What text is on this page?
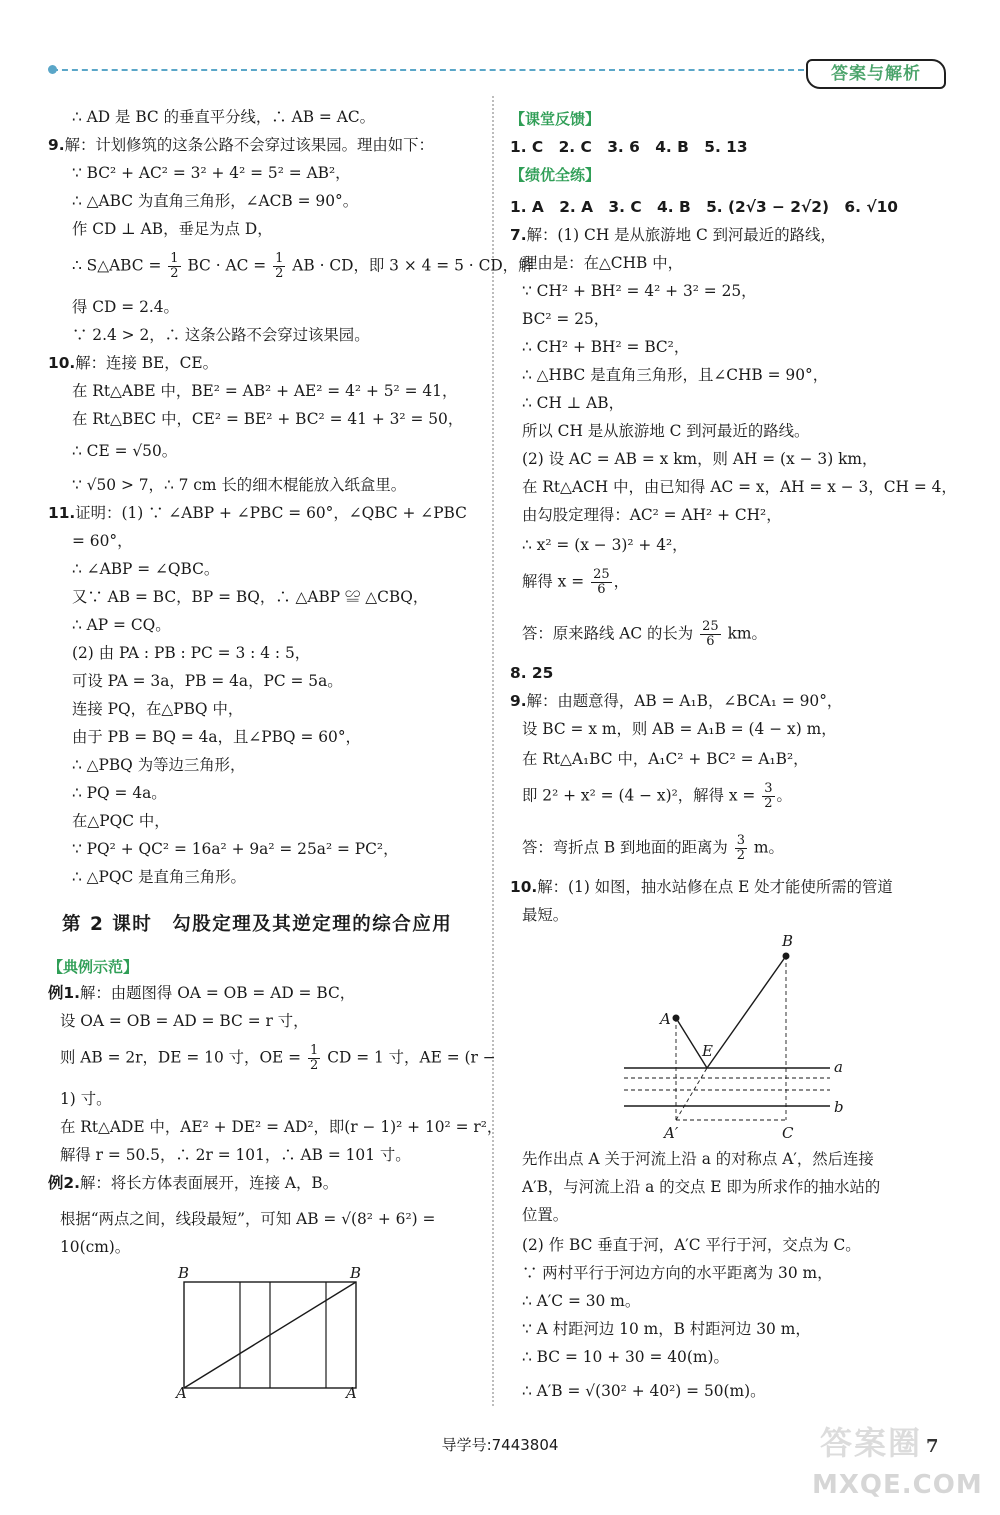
答案与解析
∴ AD 是 BC 的垂直平分线，∴ AB = AC。
9.解：计划修筑的这条公路不会穿过该果园。理由如下：
∵ BC² + AC² = 3² + 4² = 5² = AB²，
∴ △ABC 为直角三角形，∠ACB = 90°。
作 CD ⊥ AB，垂足为点 D，
∴ S△ABC = $\frac{1}{2}$ BC · AC = $\frac{1}{2}$ AB · CD，即 3 × 4 = 5 · CD，解
得 CD = 2.4。
∵ 2.4 > 2，∴ 这条公路不会穿过该果园。
10.解：连接 BE，CE。
在 Rt△ABE 中，BE² = AB² + AE² = 4² + 5² = 41，
在 Rt△BEC 中，CE² = BE² + BC² = 41 + 3² = 50，
∴ CE = √50。
∵ √50 > 7，∴ 7 cm 长的细木棍能放入纸盒里。
11.证明：(1) ∵ ∠ABP + ∠PBC = 60°，∠QBC + ∠PBC
= 60°，
∴ ∠ABP = ∠QBC。
又∵ AB = BC，BP = BQ，∴ △ABP ≌ △CBQ，
∴ AP = CQ。
(2) 由 PA : PB : PC = 3 : 4 : 5，
可设 PA = 3a，PB = 4a，PC = 5a。
连接 PQ，在△PBQ 中，
由于 PB = BQ = 4a，且∠PBQ = 60°，
∴ △PBQ 为等边三角形，
∴ PQ = 4a。
在△PQC 中，
∵ PQ² + QC² = 16a² + 9a² = 25a² = PC²，
∴ △PQC 是直角三角形。
第 2 课时　勾股定理及其逆定理的综合应用
【典例示范】
例1.解：由题图得 OA = OB = AD = BC，
设 OA = OB = AD = BC = r 寸，
则 AB = 2r，DE = 10 寸，OE = $\frac{1}{2}$ CD = 1 寸，AE = (r −
1) 寸。
在 Rt△ADE 中，AE² + DE² = AD²，即(r − 1)² + 10² = r²，
解得 r = 50.5，∴ 2r = 101，∴ AB = 101 寸。
例2.解：将长方体表面展开，连接 A，B。
根据“两点之间，线段最短”，可知 AB = √(8² + 6²) =
10(cm)。
B	B
A	A
【课堂反馈】
1. C　2. C　3. 6　4. B　5. 13
【绩优全练】
1. A　2. A　3. C　4. B　5. (2√3 − 2√2)　6. √10
7.解：(1) CH 是从旅游地 C 到河最近的路线，
理由是：在△CHB 中，
∵ CH² + BH² = 4² + 3² = 25，
BC² = 25，
∴ CH² + BH² = BC²，
∴ △HBC 是直角三角形，且∠CHB = 90°，
∴ CH ⊥ AB，
所以 CH 是从旅游地 C 到河最近的路线。
(2) 设 AC = AB = x km，则 AH = (x − 3) km，
在 Rt△ACH 中，由已知得 AC = x，AH = x − 3，CH = 4，
由勾股定理得：AC² = AH² + CH²，
∴ x² = (x − 3)² + 4²，
解得 $x = \frac{25}{6}$ ，
答：原来路线 AC 的长为 $\frac{25}{6}$ km。
8. 25
9.解：由题意得，AB = A₁B，∠BCA₁ = 90°，
设 BC = x m，则 AB = A₁B = (4 − x) m，
在 Rt△A₁BC 中，A₁C² + BC² = A₁B²，
即 2² + x² = (4 − x)²，解得 $x = \frac{3}{2}$ 。
答：弯折点 B 到地面的距离为 $\frac{3}{2}$ m。
10.解：(1) 如图，抽水站修在点 E 处才能使所需的管道
最短。
A
B
E
a
b
A′	C
先作出点 A 关于河流上沿 a 的对称点 A′，然后连接
A′B，与河流上沿 a 的交点 E 即为所求作的抽水站的
位置。
(2) 作 BC 垂直于河，A′C 平行于河，交点为 C。
∵ 两村平行于河边方向的水平距离为 30 m，
∴ A′C = 30 m。
∵ A 村距河边 10 m，B 村距河边 30 m，
∴ BC = 10 + 30 = 40(m)。
∴ A′B = √(30² + 40²) = 50(m)。
导学号:7443804	答案圈
MXQE.COM
7
